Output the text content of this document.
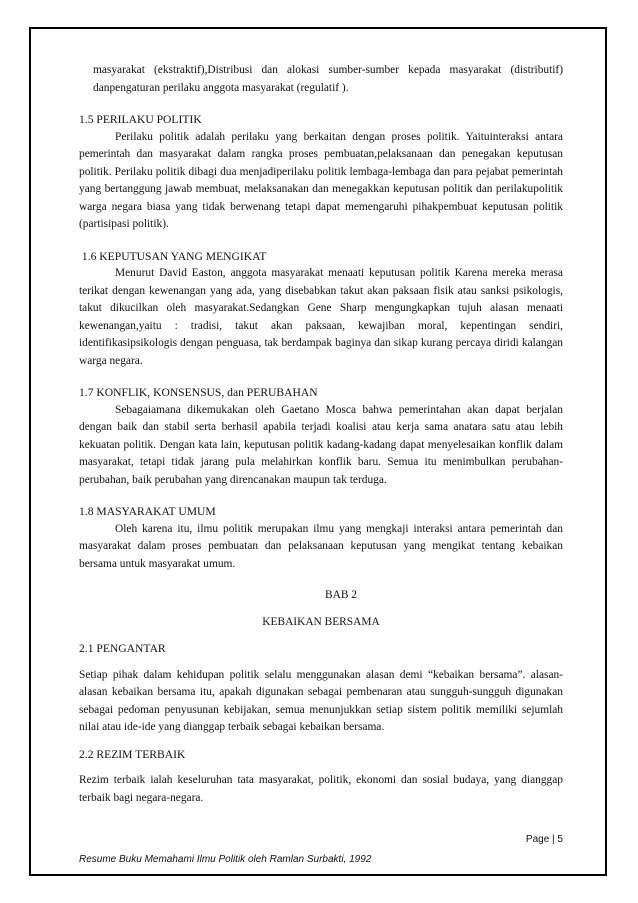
masyarakat (ekstraktif),Distribusi dan alokasi sumber-sumber kepada masyarakat (distributif) danpengaturan perilaku anggota masyarakat (regulatif ).

1.5 PERILAKU POLITIK

Perilaku politik adalah perilaku yang berkaitan dengan proses politik. Yaituinteraksi antara pemerintah dan masyarakat dalam rangka proses pembuatan,pelaksanaan dan penegakan keputusan politik. Perilaku politik dibagi dua menjadiperilaku politik lembaga-lembaga dan para pejabat pemerintah yang bertanggung jawab membuat, melaksanakan dan menegakkan keputusan politik dan perilakupolitik warga negara biasa yang tidak berwenang tetapi dapat memengaruhi pihakpembuat keputusan politik (partisipasi politik).

1.6 KEPUTUSAN YANG MENGIKAT

Menurut David Easton, anggota masyarakat menaati keputusan politik Karena mereka merasa terikat dengan kewenangan yang ada, yang disebabkan takut akan paksaan fisik atau sanksi psikologis, takut dikucilkan oleh masyarakat.Sedangkan Gene Sharp mengungkapkan tujuh alasan menaati kewenangan,yaitu : tradisi, takut akan paksaan, kewajiban moral, kepentingan sendiri, identifikasipsikologis dengan penguasa, tak berdampak baginya dan sikap kurang percaya diridi kalangan warga negara.

1.7 KONFLIK, KONSENSUS, dan PERUBAHAN

Sebagaiamana dikemukakan oleh Gaetano Mosca bahwa pemerintahan akan dapat berjalan dengan baik dan stabil serta berhasil apabila terjadi koalisi atau kerja sama anatara satu atau lebih kekuatan politik. Dengan kata lain, keputusan politik kadang-kadang dapat menyelesaikan konflik dalam masyarakat, tetapi tidak jarang pula melahirkan konflik baru. Semua itu menimbulkan perubahan-perubahan, baik perubahan yang direncanakan maupun tak terduga.

1.8 MASYARAKAT UMUM

Oleh karena itu, ilmu politik merupakan ilmu yang mengkaji interaksi antara pemerintah dan masyarakat dalam proses pembuatan dan pelaksanaan keputusan yang mengikat tentang kebaikan bersama untuk masyarakat umum.

BAB 2

KEBAIKAN BERSAMA

2.1 PENGANTAR

Setiap pihak dalam kehidupan politik selalu menggunakan alasan demi “kebaikan bersama”. alasan-alasan kebaikan bersama itu, apakah digunakan sebagai pembenaran atau sungguh-sungguh digunakan sebagai pedoman penyusunan kebijakan, semua menunjukkan setiap sistem politik memiliki sejumlah nilai atau ide-ide yang dianggap terbaik sebagai kebaikan bersama.

2.2 REZIM TERBAIK

Rezim terbaik ialah keseluruhan tata masyarakat, politik, ekonomi dan sosial budaya, yang dianggap terbaik bagi negara-negara.

Page | 5
Resume Buku Memahami Ilmu Politik oleh Ramlan Surbakti, 1992
